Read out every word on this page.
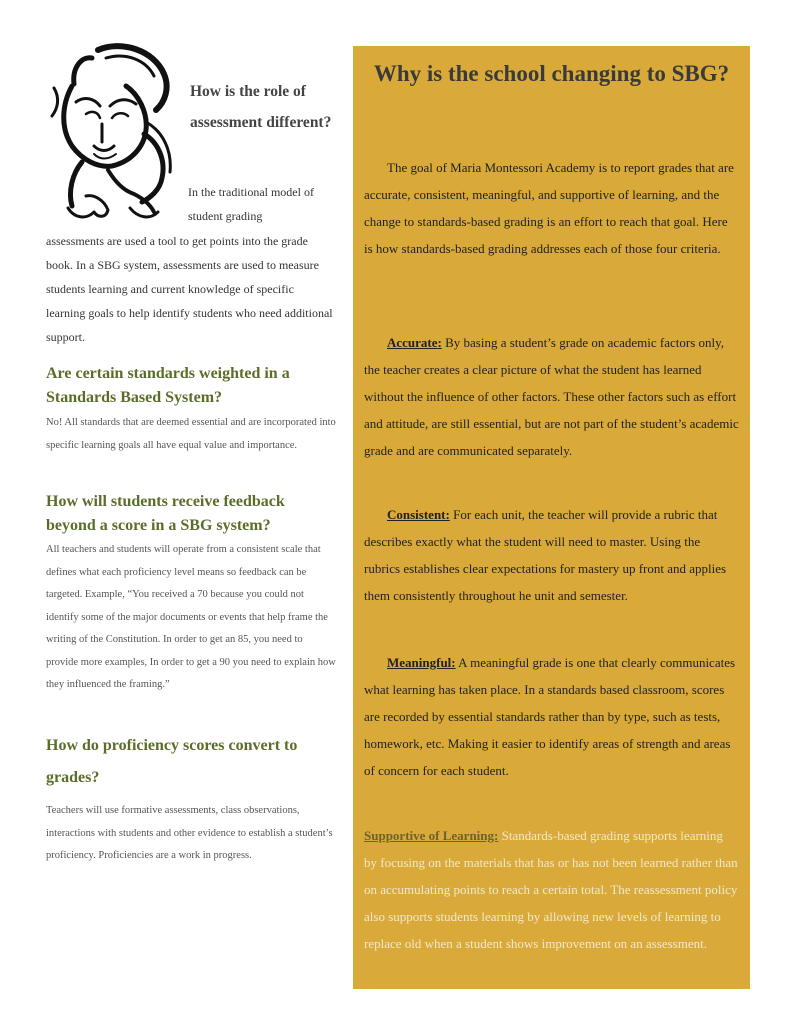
How is the role of assessment different?
In the traditional model of student grading
assessments are used a tool to get points into the grade book. In a SBG system, assessments are used to measure students learning and current knowledge of specific learning goals to help identify students who need additional support.
Are certain standards weighted in a Standards Based System?
No! All standards that are deemed essential and are incorporated into specific learning goals all have equal value and importance.
How will students receive feedback beyond a score in a SBG system?
All teachers and students will operate from a consistent scale that defines what each proficiency level means so feedback can be targeted. Example, “You received a 70 because you could not identify some of the major documents or events that help frame the writing of the Constitution. In order to get an 85, you need to provide more examples, In order to get a 90 you need to explain how they influenced the framing.”
How do proficiency scores convert to grades?
Teachers will use formative assessments, class observations, interactions with students and other evidence to establish a student’s proficiency. Proficiencies are a work in progress.
Why is the school changing to SBG?
The goal of Maria Montessori Academy is to report grades that are accurate, consistent, meaningful, and supportive of learning, and the change to standards-based grading is an effort to reach that goal. Here is how standards-based grading addresses each of those four criteria.
Accurate: By basing a student’s grade on academic factors only, the teacher creates a clear picture of what the student has learned without the influence of other factors. These other factors such as effort and attitude, are still essential, but are not part of the student’s academic grade and are communicated separately.
Consistent: For each unit, the teacher will provide a rubric that describes exactly what the student will need to master. Using the rubrics establishes clear expectations for mastery up front and applies them consistently throughout he unit and semester.
Meaningful: A meaningful grade is one that clearly communicates what learning has taken place. In a standards based classroom, scores are recorded by essential standards rather than by type, such as tests, homework, etc. Making it easier to identify areas of strength and areas of concern for each student.
Supportive of Learning: Standards-based grading supports learning by focusing on the materials that has or has not been learned rather than on accumulating points to reach a certain total. The reassessment policy also supports students learning by allowing new levels of learning to replace old when a student shows improvement on an assessment.
